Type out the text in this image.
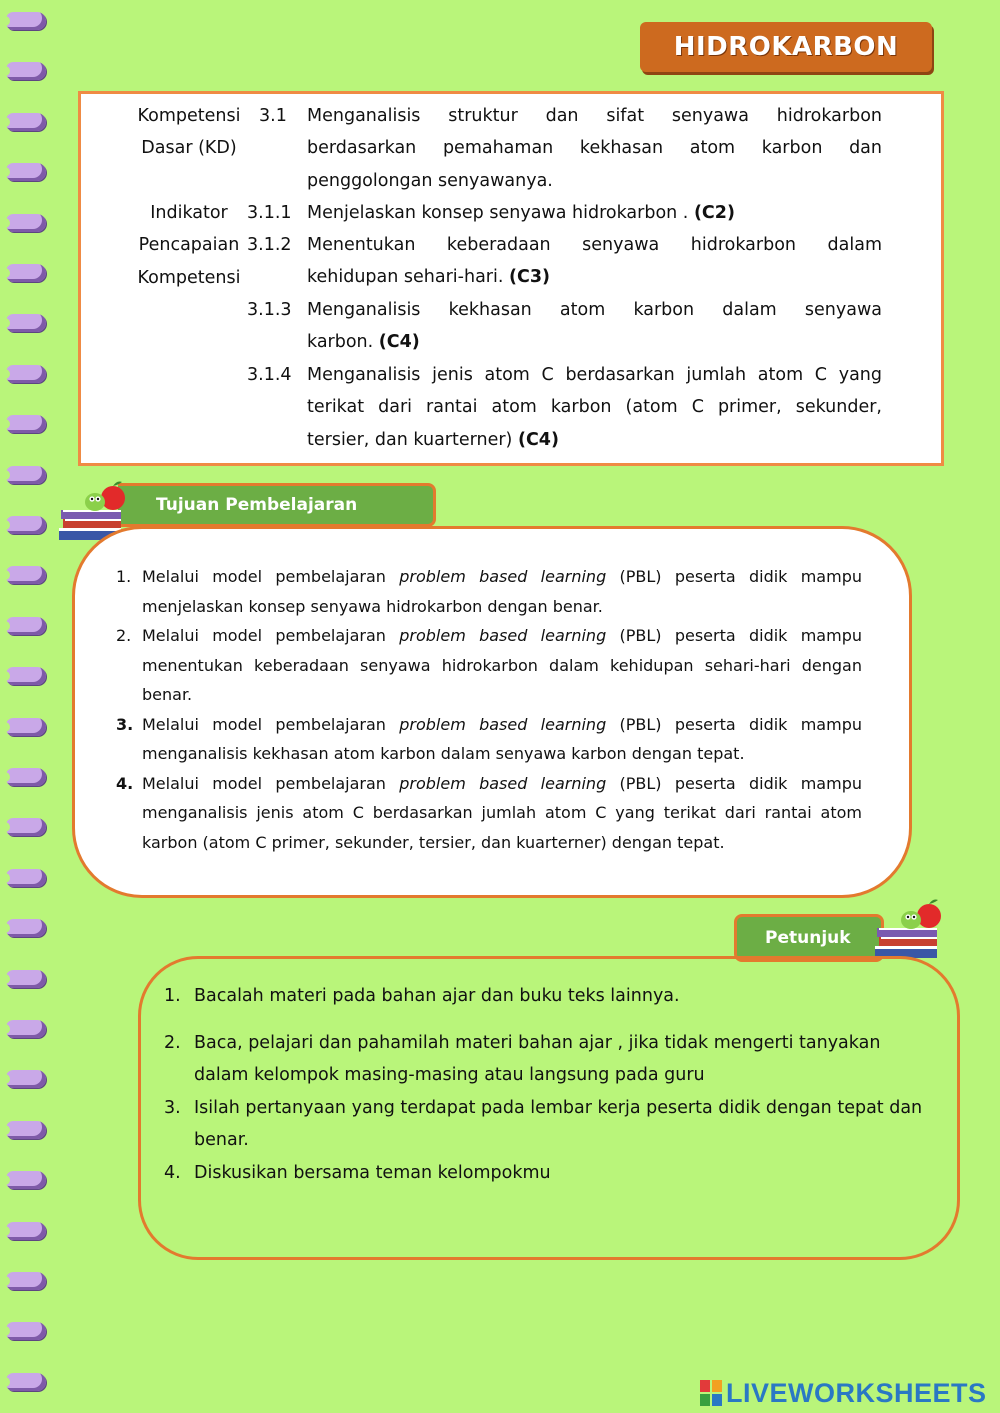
HIDROKARBON
Kompetensi
Dasar (KD)
3.1 Menganalisis struktur dan sifat senyawa hidrokarbon
berdasarkan pemahaman kekhasan atom karbon dan
penggolongan senyawanya.
Indikator
Pencapaian
Kompetensi
3.1.1 Menjelaskan konsep senyawa hidrokarbon . (C2)
3.1.2 Menentukan keberadaan senyawa hidrokarbon dalam
kehidupan sehari-hari. (C3)
3.1.3 Menganalisis kekhasan atom karbon dalam senyawa
karbon. (C4)
3.1.4 Menganalisis jenis atom C berdasarkan jumlah atom C yang
terikat dari rantai atom karbon (atom C primer, sekunder,
tersier, dan kuarterner) (C4)
Tujuan Pembelajaran
1. Melalui model pembelajaran problem based learning (PBL) peserta didik mampu menjelaskan konsep senyawa hidrokarbon dengan benar.
2. Melalui model pembelajaran problem based learning (PBL) peserta didik mampu menentukan keberadaan senyawa hidrokarbon dalam kehidupan sehari-hari dengan benar.
3. Melalui model pembelajaran problem based learning (PBL) peserta didik mampu menganalisis kekhasan atom karbon dalam senyawa karbon dengan tepat.
4. Melalui model pembelajaran problem based learning (PBL) peserta didik mampu menganalisis jenis atom C berdasarkan jumlah atom C yang terikat dari rantai atom karbon (atom C primer, sekunder, tersier, dan kuarterner) dengan tepat.
Petunjuk
1. Bacalah materi pada bahan ajar dan buku teks lainnya.
2. Baca, pelajari dan pahamilah materi bahan ajar , jika tidak mengerti tanyakan dalam kelompok masing-masing atau langsung pada guru
3. Isilah pertanyaan yang terdapat pada lembar kerja peserta didik dengan tepat dan benar.
4. Diskusikan bersama teman kelompokmu
LIVEWORKSHEETS
